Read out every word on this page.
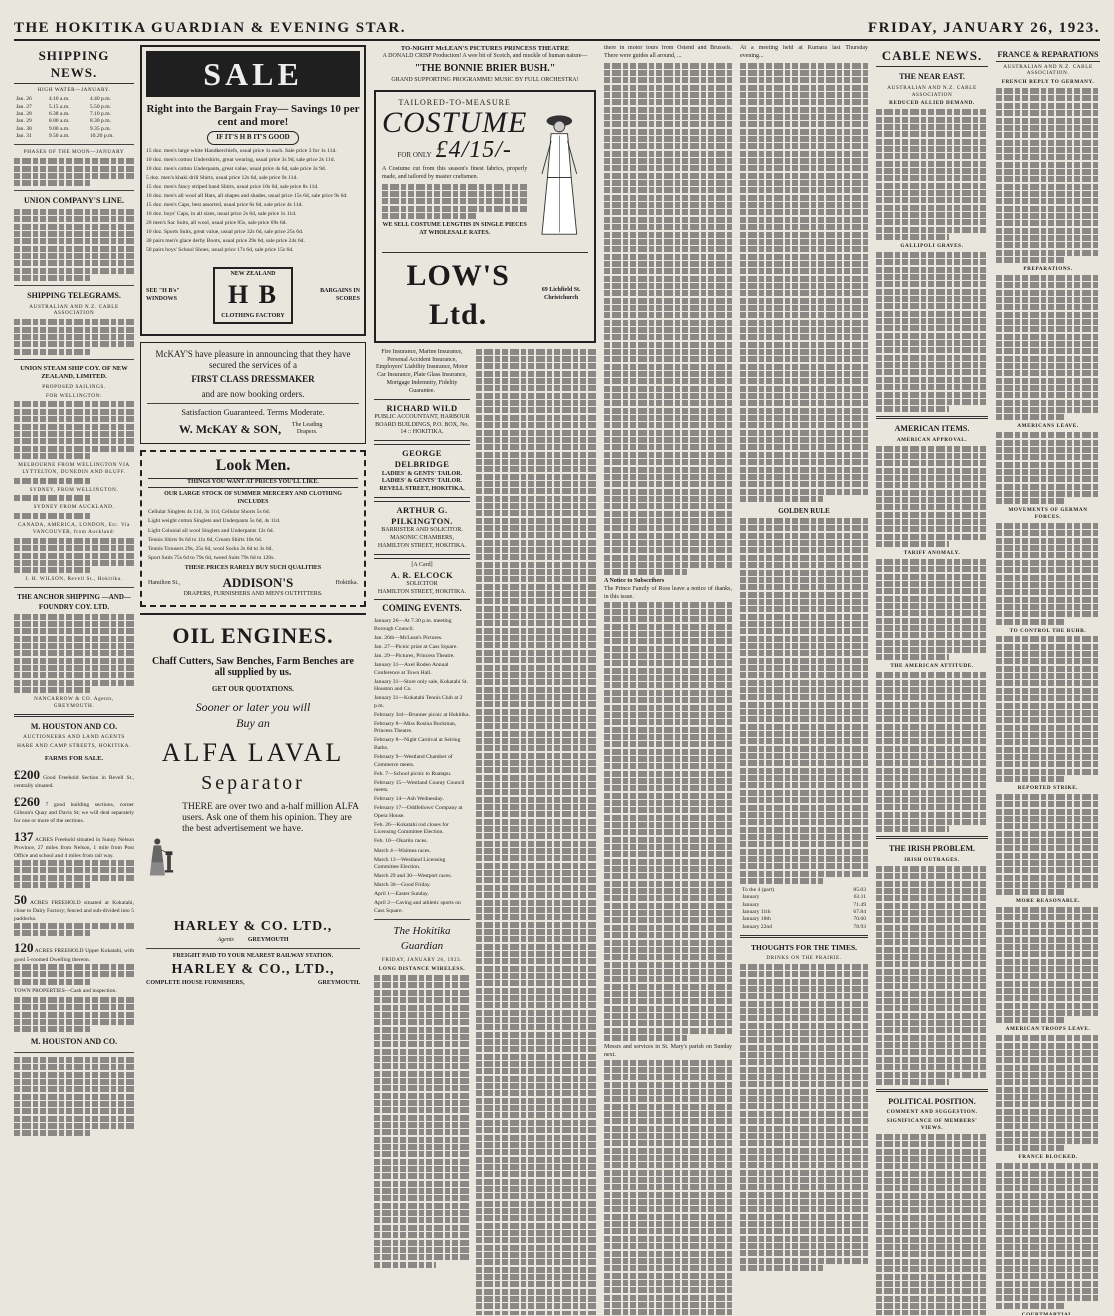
THE HOKITIKA GUARDIAN & EVENING STAR.	FRIDAY, JANUARY 26, 1923.
SHIPPING NEWS.
HIGH WATER—JANUARY.
Jan. 26	4.10 a.m.	4.40 p.m.
Jan. 27	5.15 a.m.	5.50 p.m.
Jan. 28	6.38 a.m.	7.10 p.m.
Jan. 29	8.00 a.m.	8.30 p.m.
Jan. 30	9.00 a.m.	9.35 p.m.
Jan. 31	9.50 a.m.	10.20 p.m.
PHASES OF THE MOON—JANUARY
UNION COMPANY'S LINE.
SHIPPING TELEGRAMS.
AUSTRALIAN AND N.Z. CABLE ASSOCIATION
UNION STEAM SHIP COY. OF NEW ZEALAND, LIMITED.
PROPOSED SAILINGS.
FOR WELLINGTON:
MELBOURNE FROM WELLINGTON VIA LYTTELTON, DUNEDIN AND BLUFF.
SYDNEY, FROM WELLINGTON.
SYDNEY FROM AUCKLAND.
CANADA, AMERICA, LONDON, Etc. Via VANCOUVER, from Auckland:
J. H. WILSON, Revell St., Hokitika.
THE ANCHOR SHIPPING —AND— FOUNDRY COY. LTD.
NANCARROW & CO. Agents, GREYMOUTH.
M. HOUSTON AND CO.
AUCTIONEERS AND LAND AGENTS
HARE AND CAMP STREETS, HOKITIKA.
FARMS FOR SALE.
£200 Good Freehold Section in Revell St., centrally situated.
£260 7 good building sections, corner Gibson's Quay and Davis St; we will deal separately for one or more of the sections.
137 ACRES Freehold situated in Sunny Nelson Province, 27 miles from Nelson, 1 mile from Post Office and school and 4 miles from rail way.
50 ACRES FREEHOLD situated at Kokatahi, close to Dairy Factory; fenced and sub-divided into 5 paddocks.
120 ACRES FREEHOLD Upper Kokatahi, with good 5-roomed Dwelling thereon.
TOWN PROPERTIES—Cash and inspection.
M. HOUSTON AND CO.
SALE
Right into the Bargain Fray— Savings 10 per cent and more!
IF IT'S H B IT'S GOOD
15 doz. men's large white Handkerchiefs, usual price 1s each. Sale price 3 for 1s 11d.
10 doz. men's cotton Undershirts, great wearing, usual price 3s 9d, sale price 2s 11d.
10 doz. men's cotton Underpants, great value, usual price 4s 6d, sale price 3s 9d.
5 doz. men's khaki drill Shirts, usual price 12s 6d, sale price 9s 11d.
15 doz. men's fancy striped band Shirts, usual price 10s 6d, sale price 8s 11d.
10 doz. men's all wool all Hats, all shapes and shades, usual price 15s 6d, sale price 9s 6d.
15 doz. men's Caps, best assorted, usual price 6s 6d, sale price 4s 11d.
10 doz. boys' Caps, in all sizes, usual price 2s 6d, sale price 1s 11d.
20 men's Sac Suits, all wool, usual price 85s, sale price 69s 6d.
10 doz. Sports Suits, great value, usual price 32s 6d, sale price 25s 6d.
30 pairs men's glace derby Boots, usual price 29s 6d, sale price 24s 6d.
50 pairs boys' School Shoes, usual price 17s 6d, sale price 15s 6d.
SEE "H B's" WINDOWS
NEW ZEALAND
H B
CLOTHING FACTORY
BARGAINS IN SCORES
McKAY'S have pleasure in announcing that they have secured the services of a
FIRST CLASS DRESSMAKER
and are now booking orders.
Satisfaction Guaranteed. Terms Moderate.
W. McKAY & SON,	The Leading Drapers.
Look Men.
THINGS YOU WANT AT PRICES YOU'LL LIKE.
OUR LARGE STOCK OF SUMMER MERCERY AND CLOTHING INCLUDES
Cellular Singlets 4s 11d, 3s 11d, Cellular Shorts 5s 6d.
Light weight cotton Singlets and Underpants 5s 6d, 4s 11d.
Light Colonial all wool Singlets and Underpants 12s 6d.
Tennis Shirts 9s 6d to 11s 6d, Cream Shirts 10s 6d.
Tennis Trousers 29s, 25s 6d, wool Socks 2s 6d to 3s 6d.
Sport Suits 75s 6d to 79s 6d, tweed Suits 79s 6d to 120s.
THESE PRICES RARELY BUY SUCH QUALITIES
Hamilton St.,	ADDISON'S	Hokitika.
DRAPERS, FURNISHERS AND MEN'S OUTFITTERS.
OIL ENGINES.
Chaff Cutters, Saw Benches, Farm Benches are all supplied by us.
GET OUR QUOTATIONS.
Sooner or later you will
Buy an
ALFA LAVAL
Separator
THERE are over two and a-half million ALFA users. Ask one of them his opinion. They are the best advertisement we have.
HARLEY & CO. LTD.,
Agents GREYMOUTH
FREIGHT PAID TO YOUR NEAREST RAILWAY STATION.
HARLEY & CO., LTD.,
COMPLETE HOUSE FURNISHERS,	GREYMOUTH.
TO-NIGHT McLEAN'S PICTURES PRINCESS THEATRE
A DONALD CRISP Production! A wee bit of Scotch, and muckle of human nature—
"THE BONNIE BRIER BUSH."
GRAND SUPPORTING PROGRAMME! MUSIC BY FULL ORCHESTRA!
TAILORED-TO-MEASURE
COSTUME
FOR ONLY £4/15/-
A Costume cut from this season's finest fabrics, properly made, and tailored by master craftsmen.
WE SELL COSTUME LENGTHS IN SINGLE PIECES AT WHOLESALE RATES.
LOW'S Ltd.
69 Lichfield St. Christchurch
Fire Insurance, Marine Insurance, Personal Accident Insurance, Employers' Liability Insurance, Motor Car Insurance, Plate Glass Insurance, Mortgage Indemnity, Fidelity Guarantee.
RICHARD WILD
PUBLIC ACCOUNTANT, HARBOUR BOARD BUILDINGS, P.O. BOX, No. 14 :: HOKITIKA.
GEORGE DELBRIDGE
LADIES' & GENTS' TAILOR.
LADIES' & GENTS' TAILOR.
REVELL STREET, HOKITIKA.
ARTHUR G. PILKINGTON.
BARRISTER AND SOLICITOR.
MASONIC CHAMBERS,
HAMILTON STREET, HOKITIKA.
[A Card]
A. R. ELCOCK
SOLICITOR
HAMILTON STREET, HOKITIKA.
COMING EVENTS.
January 26—At 7.30 p.m. meeting Borough Council.
Jan. 26th—McLean's Pictures.
Jan. 27—Picnic prize at Cass Square.
Jan. 29—Pictures, Princess Theatre.
January 31—Axel Rodeo Annual Conference at Town Hall.
January 31—Store only sale, Kokatahi St. Houston and Co.
January 31—Kokatahi Tennis Club at 2 p.m.
February 3rd—Brunner picnic at Hokitika.
February 8—Miss Rosina Buckman, Princess Theatre.
February 8—Night Carnival at Seiring Baths.
February 9—Westland Chamber of Commerce meets.
Feb. 7—School picnic to Ruatapu.
February 15—Westland County Council meets.
February 14—Ash Wednesday.
February 17—Oddfellows' Company at Opera House.
Feb. 26—Kokatahi rod closes for Licensing Committee Election.
Feb. 10—Okarito races.
March 4—Waimea races.
March 13—Westland Licensing Committee Election.
March 29 and 30—Westport races.
March 30—Good Friday.
April 1—Easter Sunday.
April 2—Caving and athletic sports on Cass Square.
The Hokitika Guardian
FRIDAY, JANUARY 26, 1923.
LONG DISTANCE WIRELESS.
there in motor tours from Ostend and Brussels. There were guides all around, ...
A Notice to Subscribers
The Prince Family of Ross leave a notice of thanks, in this issue.
Messrs and services in St. Mary's parish on Sunday next.
At a meeting held at Kumara last Thursday evening...
GOLDEN RULE
To the 4 (part)	85.03
January	63.11
January	71.49
January 11th	67.84
January 18th	70.60
January 22nd	78.93
THOUGHTS FOR THE TIMES.
DRINKS ON THE PRAIRIE.
CABLE NEWS.
THE NEAR EAST.
AUSTRALIAN AND N.Z. CABLE ASSOCIATION
REDUCED ALLIED DEMAND.
GALLIPOLI GRAVES.
AMERICAN ITEMS.
AMERICAN APPROVAL.
TARIFF ANOMALY.
THE AMERICAN ATTITUDE.
THE IRISH PROBLEM.
IRISH OUTRAGES.
POLITICAL POSITION.
COMMENT AND SUGGESTION.
SIGNIFICANCE OF MEMBERS' VIEWS.
FRANCE & REPARATIONS
AUSTRALIAN AND N.Z. CABLE ASSOCIATION.
FRENCH REPLY TO GERMANY.
PREPARATIONS.
AMERICANS LEAVE.
MOVEMENTS OF GERMAN FORCES.
TO CONTROL THE RUHR.
REPORTED STRIKE.
MORE REASONABLE.
AMERICAN TROOPS LEAVE.
FRANCE BLOCKED.
COURTMARTIAL.
